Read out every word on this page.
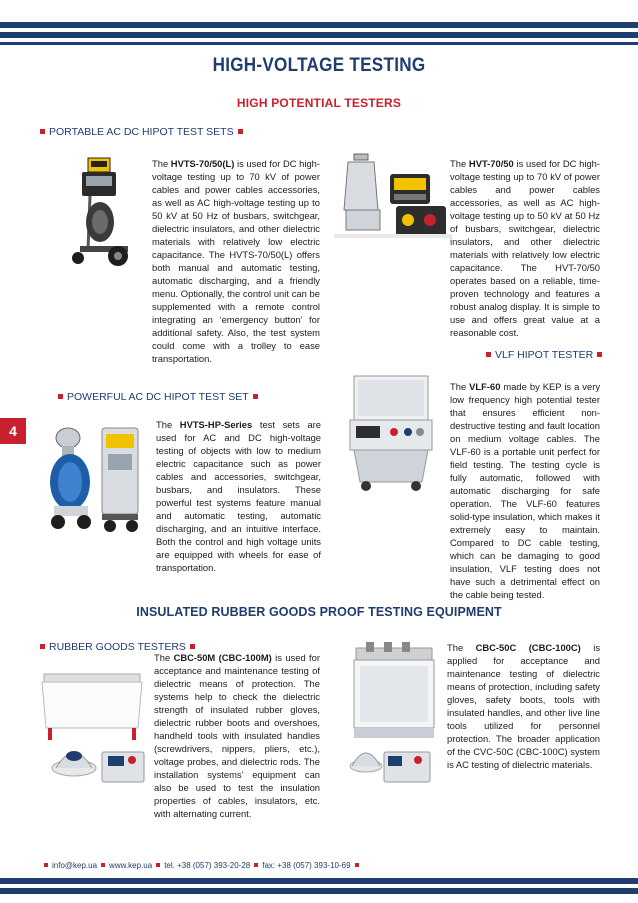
HIGH-VOLTAGE TESTING
HIGH POTENTIAL TESTERS
PORTABLE AC DC HIPOT TEST SETS
POWERFUL AC DC HIPOT TEST SET
VLF HIPOT TESTER
RUBBER GOODS TESTERS
4
The HVTS-70/50(L) is used for DC high-voltage testing up to 70 kV of power cables and power cables accessories, as well as AC high-voltage testing up to 50 kV at 50 Hz of busbars, switchgear, dielectric insulators, and other dielectric materials with relatively low electric capacitance. The HVTS-70/50(L) offers both manual and automatic testing, automatic discharging, and a friendly menu. Optionally, the control unit can be supplemented with a remote control integrating an ‘emergency button’ for additional safety. Also, the test system could come with a trolley to ease transportation.
The HVT-70/50 is used for DC high-voltage testing up to 70 kV of power cables and power cables accessories, as well as AC high-voltage testing up to 50 kV at 50 Hz of busbars, switchgear, dielectric insulators, and other dielectric materials with relatively low electric capacitance. The HVT-70/50 operates based on a reliable, time-proven technology and features a robust analog display. It is simple to use and offers great value at a reasonable cost.
The HVTS-HP-Series test sets are used for AC and DC high-voltage testing of objects with low to medium electric capacitance such as power cables and accessories, switchgear, busbars, and insulators. These powerful test systems feature manual and automatic testing, automatic discharging, and an intuitive interface. Both the control and high voltage units are equipped with wheels for ease of transportation.
The VLF-60 made by KEP is a very low frequency high potential tester that ensures efficient non-destructive testing and fault location on medium voltage cables. The VLF-60 is a portable unit perfect for field testing. The testing cycle is fully automatic, followed with automatic discharging for safe operation. The VLF-60 features solid-type insulation, which makes it extremely easy to maintain. Compared to DC cable testing, which can be damaging to good insulation, VLF testing does not have such a detrimental effect on the cable being tested.
INSULATED RUBBER GOODS PROOF TESTING EQUIPMENT
The CBC-50M (CBC-100M) is used for acceptance and maintenance testing of dielectric means of protection. The systems help to check the dielectric strength of insulated rubber gloves, dielectric rubber boots and overshoes, handheld tools with insulated handles (screwdrivers, nippers, pliers, etc.), voltage probes, and dielectric rods. The installation systems’ equipment can also be used to test the insulation properties of cables, insulators, etc. with alternating current.
The CBC-50C (CBC-100C) is applied for acceptance and maintenance testing of dielectric means of protection, including safety gloves, safety boots, tools with insulated handles, and other live line tools utilized for personnel protection. The broader application of the CVC-50C (CBC-100C) system is AC testing of dielectric materials.
info@kep.ua www.kep.ua tel. +38 (057) 393-20-28 fax: +38 (057) 393-10-69
